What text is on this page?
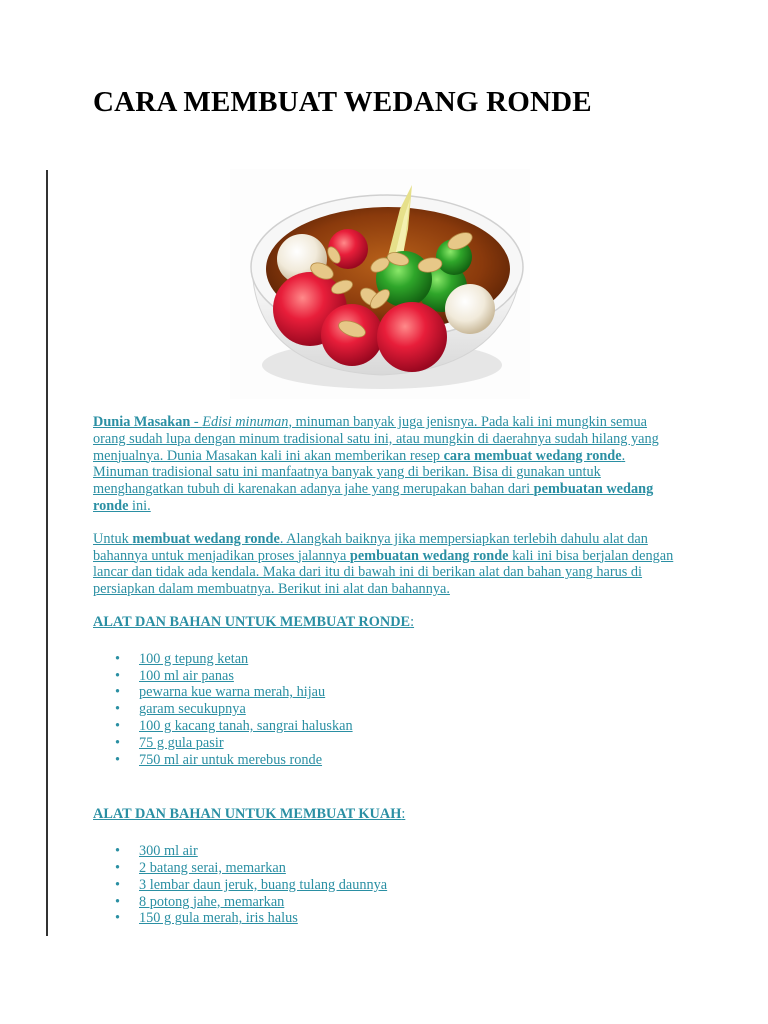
CARA MEMBUAT WEDANG RONDE

Dunia Masakan - Edisi minuman, minuman banyak juga jenisnya. Pada kali ini mungkin semua orang sudah lupa dengan minum tradisional satu ini, atau mungkin di daerahnya sudah hilang yang menjualnya. Dunia Masakan kali ini akan memberikan resep cara membuat wedang ronde. Minuman tradisional satu ini manfaatnya banyak yang di berikan. Bisa di gunakan untuk menghangatkan tubuh di karenakan adanya jahe yang merupakan bahan dari pembuatan wedang ronde ini.

Untuk membuat wedang ronde. Alangkah baiknya jika mempersiapkan terlebih dahulu alat dan bahannya untuk menjadikan proses jalannya pembuatan wedang ronde kali ini bisa berjalan dengan lancar dan tidak ada kendala. Maka dari itu di bawah ini di berikan alat dan bahan yang harus di persiapkan dalam membuatnya. Berikut ini alat dan bahannya.

ALAT DAN BAHAN UNTUK MEMBUAT RONDE:
• 100 g tepung ketan
• 100 ml air panas
• pewarna kue warna merah, hijau
• garam secukupnya
• 100 g kacang tanah, sangrai haluskan
• 75 g gula pasir
• 750 ml air untuk merebus ronde
ALAT DAN BAHAN UNTUK MEMBUAT KUAH:
• 300 ml air
• 2 batang serai, memarkan
• 3 lembar daun jeruk, buang tulang daunnya
• 8 potong jahe, memarkan
• 150 g gula merah, iris halus
